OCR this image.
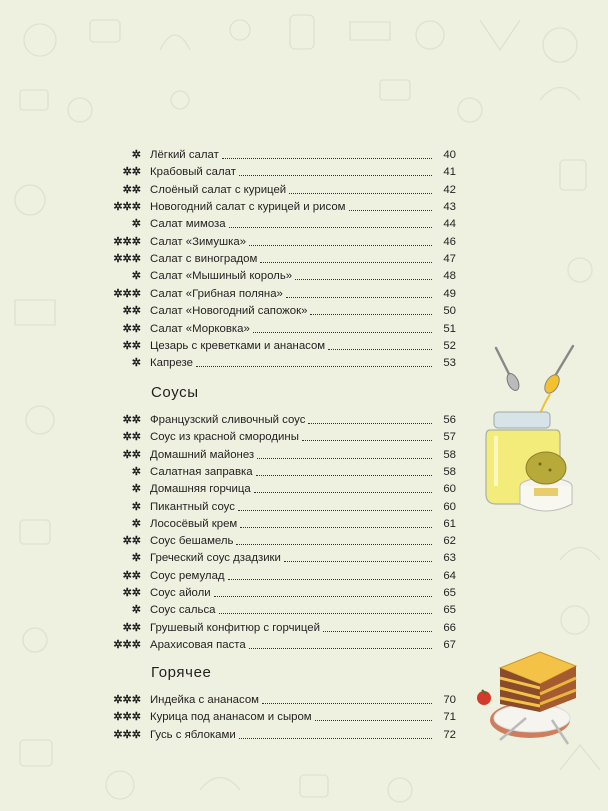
✲ Лёгкий салат	40
✲✲ Крабовый салат	41
✲✲ Слоёный салат с курицей	42
✲✲✲ Новогодний салат с курицей и рисом	43
✲ Салат мимоза	44
✲✲✲ Салат «Зимушка»	46
✲✲✲ Салат с виноградом	47
✲ Салат «Мышиный король»	48
✲✲✲ Салат «Грибная поляна»	49
✲✲ Салат «Новогодний сапожок»	50
✲✲ Салат «Морковка»	51
✲✲ Цезарь с креветками и ананасом	52
✲ Капрезе	53
✲✲ Французский сливочный соус	56
✲✲ Соус из красной смородины	57
✲✲ Домашний майонез	58
✲ Салатная заправка	58
✲ Домашняя горчица	60
✲ Пикантный соус	60
✲ Лососёвый крем	61
✲✲ Соус бешамель	62
✲ Греческий соус дзадзики	63
✲✲ Соус ремулад	64
✲✲ Соус айоли	65
✲ Соус сальса	65
✲✲ Грушевый конфитюр с горчицей	66
✲✲✲ Арахисовая паста	67
✲✲✲ Индейка с ананасом	70
✲✲✲ Курица под ананасом и сыром	71
✲✲✲ Гусь с яблоками	72
Соусы
Горячее
